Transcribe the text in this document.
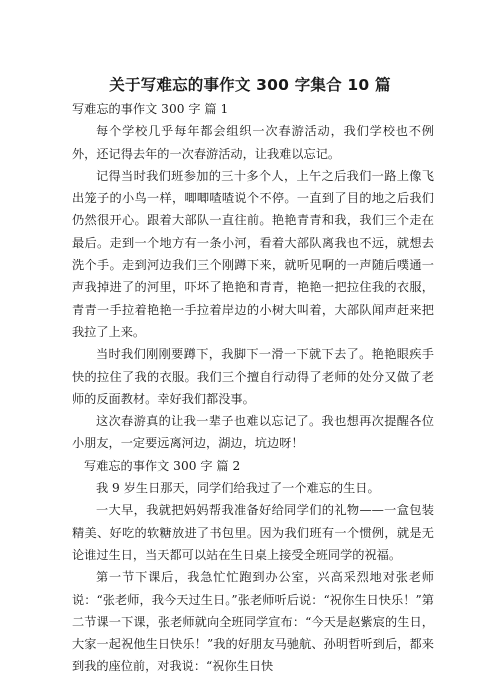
关于写难忘的事作文 300 字集合 10 篇

写难忘的事作文 300 字 篇 1

每个学校几乎每年都会组织一次春游活动，我们学校也不例外，还记得去年的一次春游活动，让我难以忘记。

记得当时我们班参加的三十多个人，上午之后我们一路上像飞出笼子的小鸟一样，唧唧喳喳说个不停。一直到了目的地之后我们仍然很开心。跟着大部队一直往前。艳艳青青和我，我们三个走在最后。走到一个地方有一条小河，看着大部队离我也不远，就想去洗个手。走到河边我们三个刚蹲下来，就听见啊的一声随后噗通一声我掉进了的河里，吓坏了艳艳和青青，艳艳一把拉住我的衣服，青青一手拉着艳艳一手拉着岸边的小树大叫着，大部队闻声赶来把我拉了上来。

当时我们刚刚要蹲下，我脚下一滑一下就下去了。艳艳眼疾手快的拉住了我的衣服。我们三个擅自行动得了老师的处分又做了老师的反面教材。幸好我们都没事。

这次春游真的让我一辈子也难以忘记了。我也想再次提醒各位小朋友，一定要远离河边，湖边，坑边呀！

写难忘的事作文 300 字 篇 2

我 9 岁生日那天，同学们给我过了一个难忘的生日。

一大早，我就把妈妈帮我准备好给同学们的礼物——一盒包装精美、好吃的软糖放进了书包里。因为我们班有一个惯例，就是无论谁过生日，当天都可以站在生日桌上接受全班同学的祝福。

第一节下课后，我急忙忙跑到办公室，兴高采烈地对张老师说：“张老师，我今天过生日。”张老师听后说：“祝你生日快乐！”第二节课一下课，张老师就向全班同学宣布：“今天是赵紫宸的生日，大家一起祝他生日快乐！”我的好朋友马驰航、孙明哲听到后，都来到我的座位前，对我说：“祝你生日快
